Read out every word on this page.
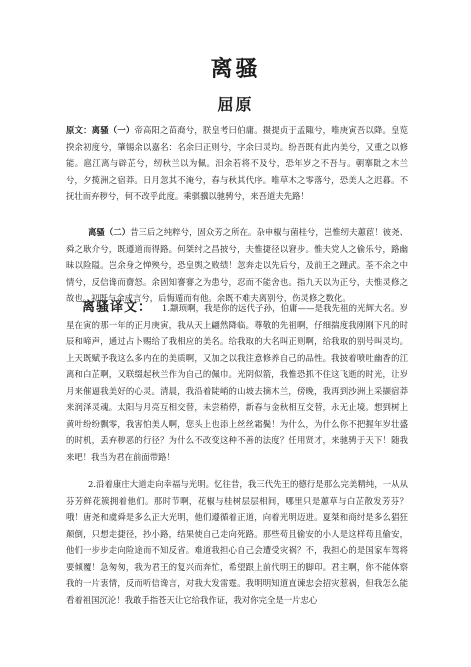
离骚
屈原

原文：离骚（一）帝高阳之苗裔兮，朕皇考曰伯庸。摄提贞于孟陬兮，唯庚寅吾以降。皇览揆余初度兮，肇锡余以嘉名：名余曰正则兮，字余曰灵均。纷吾既有此内美兮，又重之以修能。扈江离与辟芷兮，纫秋兰以为佩。汨余若将不及兮，恐年岁之不吾与。朝搴阰之木兰兮，夕揽洲之宿莽。日月忽其不淹兮，春与秋其代序。唯草木之零落兮，恐美人之迟暮。不抚壮而弃秽兮，何不改乎此度。乘骐骥以驰骋兮，来吾道夫先路！

离骚（二）昔三后之纯粹兮，固众芳之所在。杂申椒与菌桂兮，岂惟纫夫蕙茝！彼尧、舜之耿介兮，既遵道而得路。何桀纣之昌披兮，夫惟捷径以窘步。惟夫党人之偷乐兮，路幽昧以险隘。岂余身之惮殃兮，恐皇舆之败绩！忽奔走以先后兮，及前王之踵武。荃不余之中情兮，反信谗而齌怒。余固知謇謇之为患兮，忍而不能舍也。指九天以为正兮，夫惟灵修之故也。初既与余成言兮，后悔遁而有他。余既不难夫离别兮，伤灵修之数化。

离骚译文：	1.颛顼啊，我是你的远代子孙，伯庸——是我先祖的光辉大名。岁星在寅的那一年的正月庚寅，我从天上翩然降临。尊敬的先祖啊，仔细揣度我刚刚下凡的时辰和啼声，通过占卜赐给了我相应的美名。给我取的大名叫正则啊，给我取的别号叫灵均。上天既赋予我这么多内在的美质啊，又加之以我注意修养自己的品性。我披着喷吐幽香的江离和白芷啊，又联缀起秋兰作为自己的佩巾。光阴似箭，我惟恐抓不住这飞逝的时光，让岁月来催逼我美好的心灵。清晨，我沿着陡峭的山坡去摘木兰，傍晚，我再到沙洲上采撷宿莽来润泽灵魂。太阳与月亮互相交替，未尝稍停，新春与金秋相互交替，永无止境。想到树上黄叶纷纷飘零，我害怕美人啊，您头上也添上丝丝霜鬓！为什么，为什么你不把握年岁壮盛的时机，丢弃秽恶的行径？为什么不改变这种不善的法度？任用贤才，来驰骋于天下！随我来吧！我当为君在前面带路！

2.沿着康庄大道走向幸福与光明。忆往昔，我三代先王的德行是那么完美精纯，一从从芬芳鲜花簇拥着他们。那时节啊，花椒与桂树层层相间，哪里只是蕙草与白芷散发芳芬？哦！唐尧和虞舜是多么正大光明，他们遵循着正道，向着光明迈进。夏桀和商纣是多么猖狂颠倒，只想走捷径，抄小路，结果使自己走向死路。那些苟且偷安的小人是这样苟且偷安，他们一步步走向险途而不知反省。难道我担心自己会遭受灾祸？不，我担心的是国家车驾将要倾覆！急匆匆，我为君王的复兴而奔忙，希望跟上前代明王的脚印。君主啊，你不能体察我的一片衷情，反而听信谗言，对我大发雷霆。我明明知道直谏忠会招灾惹祸，但我怎么能看着祖国沉沦！我敢手指苍天让它给我作证，我对你完全是一片忠心
